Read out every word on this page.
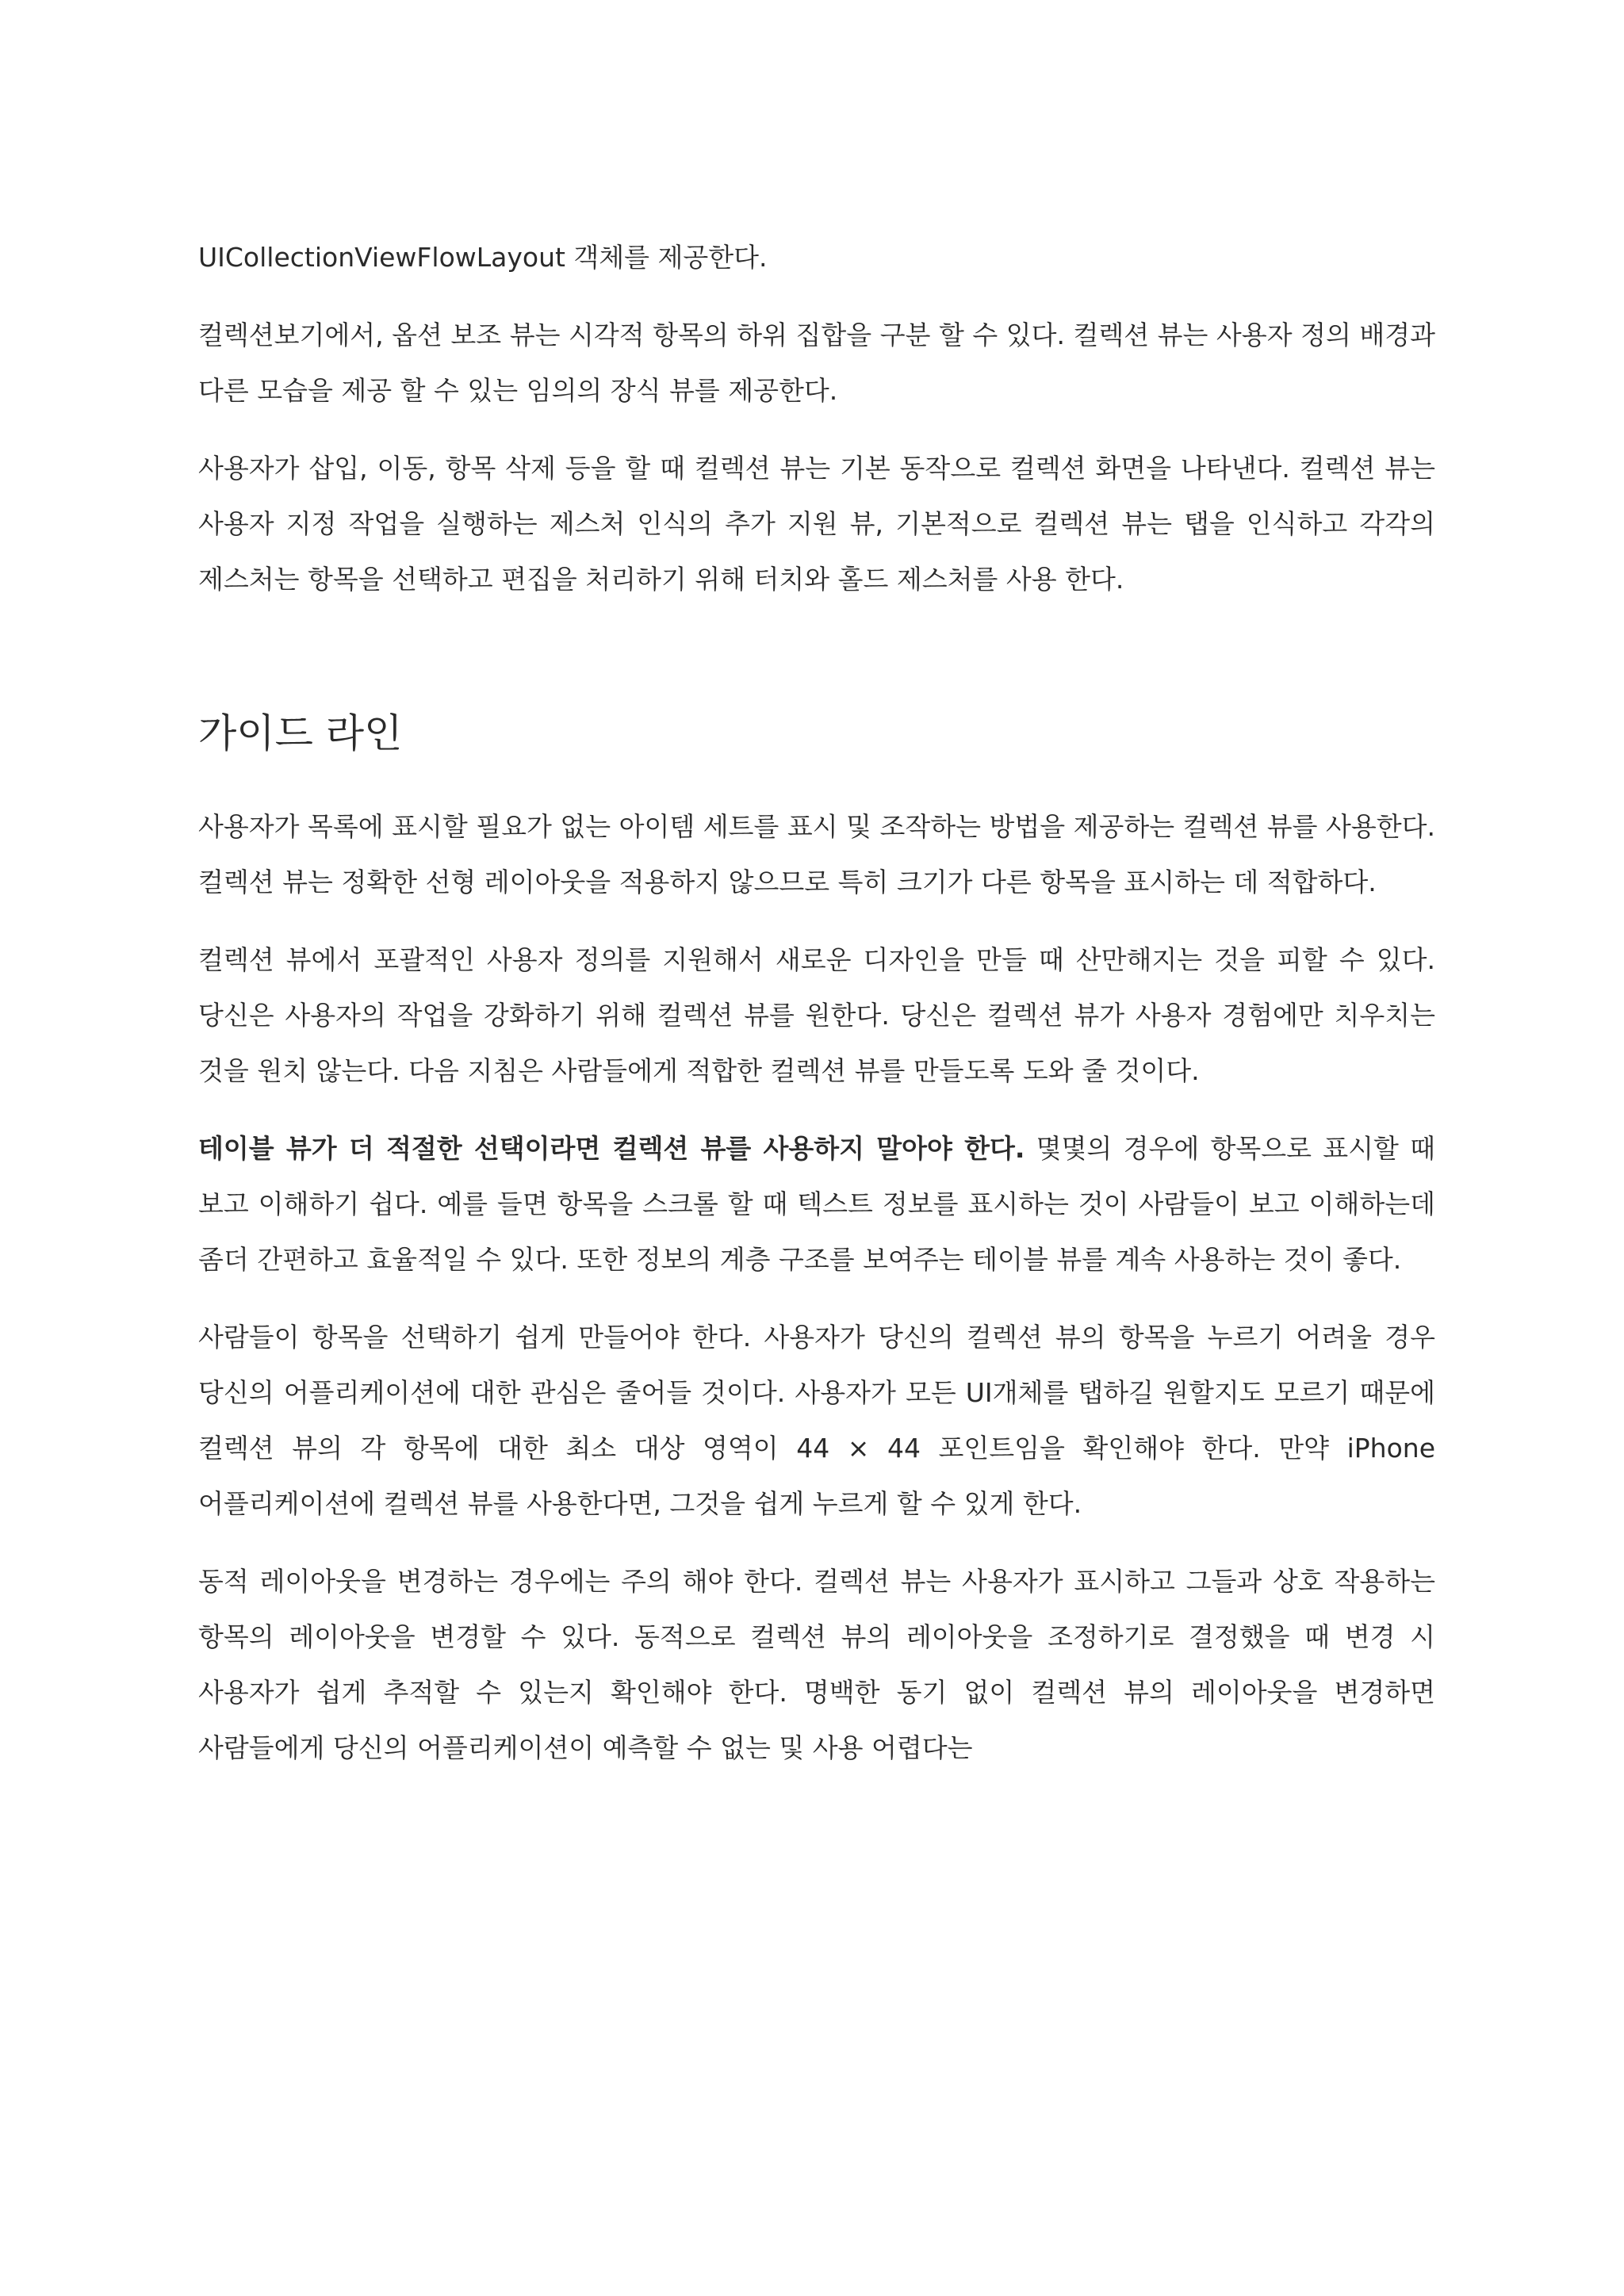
UICollectionViewFlowLayout 객체를 제공한다.

컬렉션보기에서, 옵션 보조 뷰는 시각적 항목의 하위 집합을 구분 할 수 있다. 컬렉션 뷰는 사용자 정의 배경과 다른 모습을 제공 할 수 있는 임의의 장식 뷰를 제공한다.

사용자가 삽입, 이동, 항목 삭제 등을 할 때 컬렉션 뷰는 기본 동작으로 컬렉션 화면을 나타낸다. 컬렉션 뷰는 사용자 지정 작업을 실행하는 제스처 인식의 추가 지원 뷰, 기본적으로 컬렉션 뷰는 탭을 인식하고 각각의 제스처는 항목을 선택하고 편집을 처리하기 위해 터치와 홀드 제스처를 사용 한다.

가이드 라인

사용자가 목록에 표시할 필요가 없는 아이템 세트를 표시 및 조작하는 방법을 제공하는 컬렉션 뷰를 사용한다. 컬렉션 뷰는 정확한 선형 레이아웃을 적용하지 않으므로 특히 크기가 다른 항목을 표시하는 데 적합하다.

컬렉션 뷰에서 포괄적인 사용자 정의를 지원해서 새로운 디자인을 만들 때 산만해지는 것을 피할 수 있다. 당신은 사용자의 작업을 강화하기 위해 컬렉션 뷰를 원한다. 당신은 컬렉션 뷰가 사용자 경험에만 치우치는 것을 원치 않는다. 다음 지침은 사람들에게 적합한 컬렉션 뷰를 만들도록 도와 줄 것이다.

테이블 뷰가 더 적절한 선택이라면 컬렉션 뷰를 사용하지 말아야 한다. 몇몇의 경우에 항목으로 표시할 때 보고 이해하기 쉽다. 예를 들면 항목을 스크롤 할 때 텍스트 정보를 표시하는 것이 사람들이 보고 이해하는데 좀더 간편하고 효율적일 수 있다. 또한 정보의 계층 구조를 보여주는 테이블 뷰를 계속 사용하는 것이 좋다.

사람들이 항목을 선택하기 쉽게 만들어야 한다. 사용자가 당신의 컬렉션 뷰의 항목을 누르기 어려울 경우 당신의 어플리케이션에 대한 관심은 줄어들 것이다. 사용자가 모든 UI개체를 탭하길 원할지도 모르기 때문에 컬렉션 뷰의 각 항목에 대한 최소 대상 영역이 44 × 44 포인트임을 확인해야 한다. 만약 iPhone 어플리케이션에 컬렉션 뷰를 사용한다면, 그것을 쉽게 누르게 할 수 있게 한다.

동적 레이아웃을 변경하는 경우에는 주의 해야 한다. 컬렉션 뷰는 사용자가 표시하고 그들과 상호 작용하는 항목의 레이아웃을 변경할 수 있다. 동적으로 컬렉션 뷰의 레이아웃을 조정하기로 결정했을 때 변경 시 사용자가 쉽게 추적할 수 있는지 확인해야 한다. 명백한 동기 없이 컬렉션 뷰의 레이아웃을 변경하면 사람들에게 당신의 어플리케이션이 예측할 수 없는 및 사용 어렵다는
